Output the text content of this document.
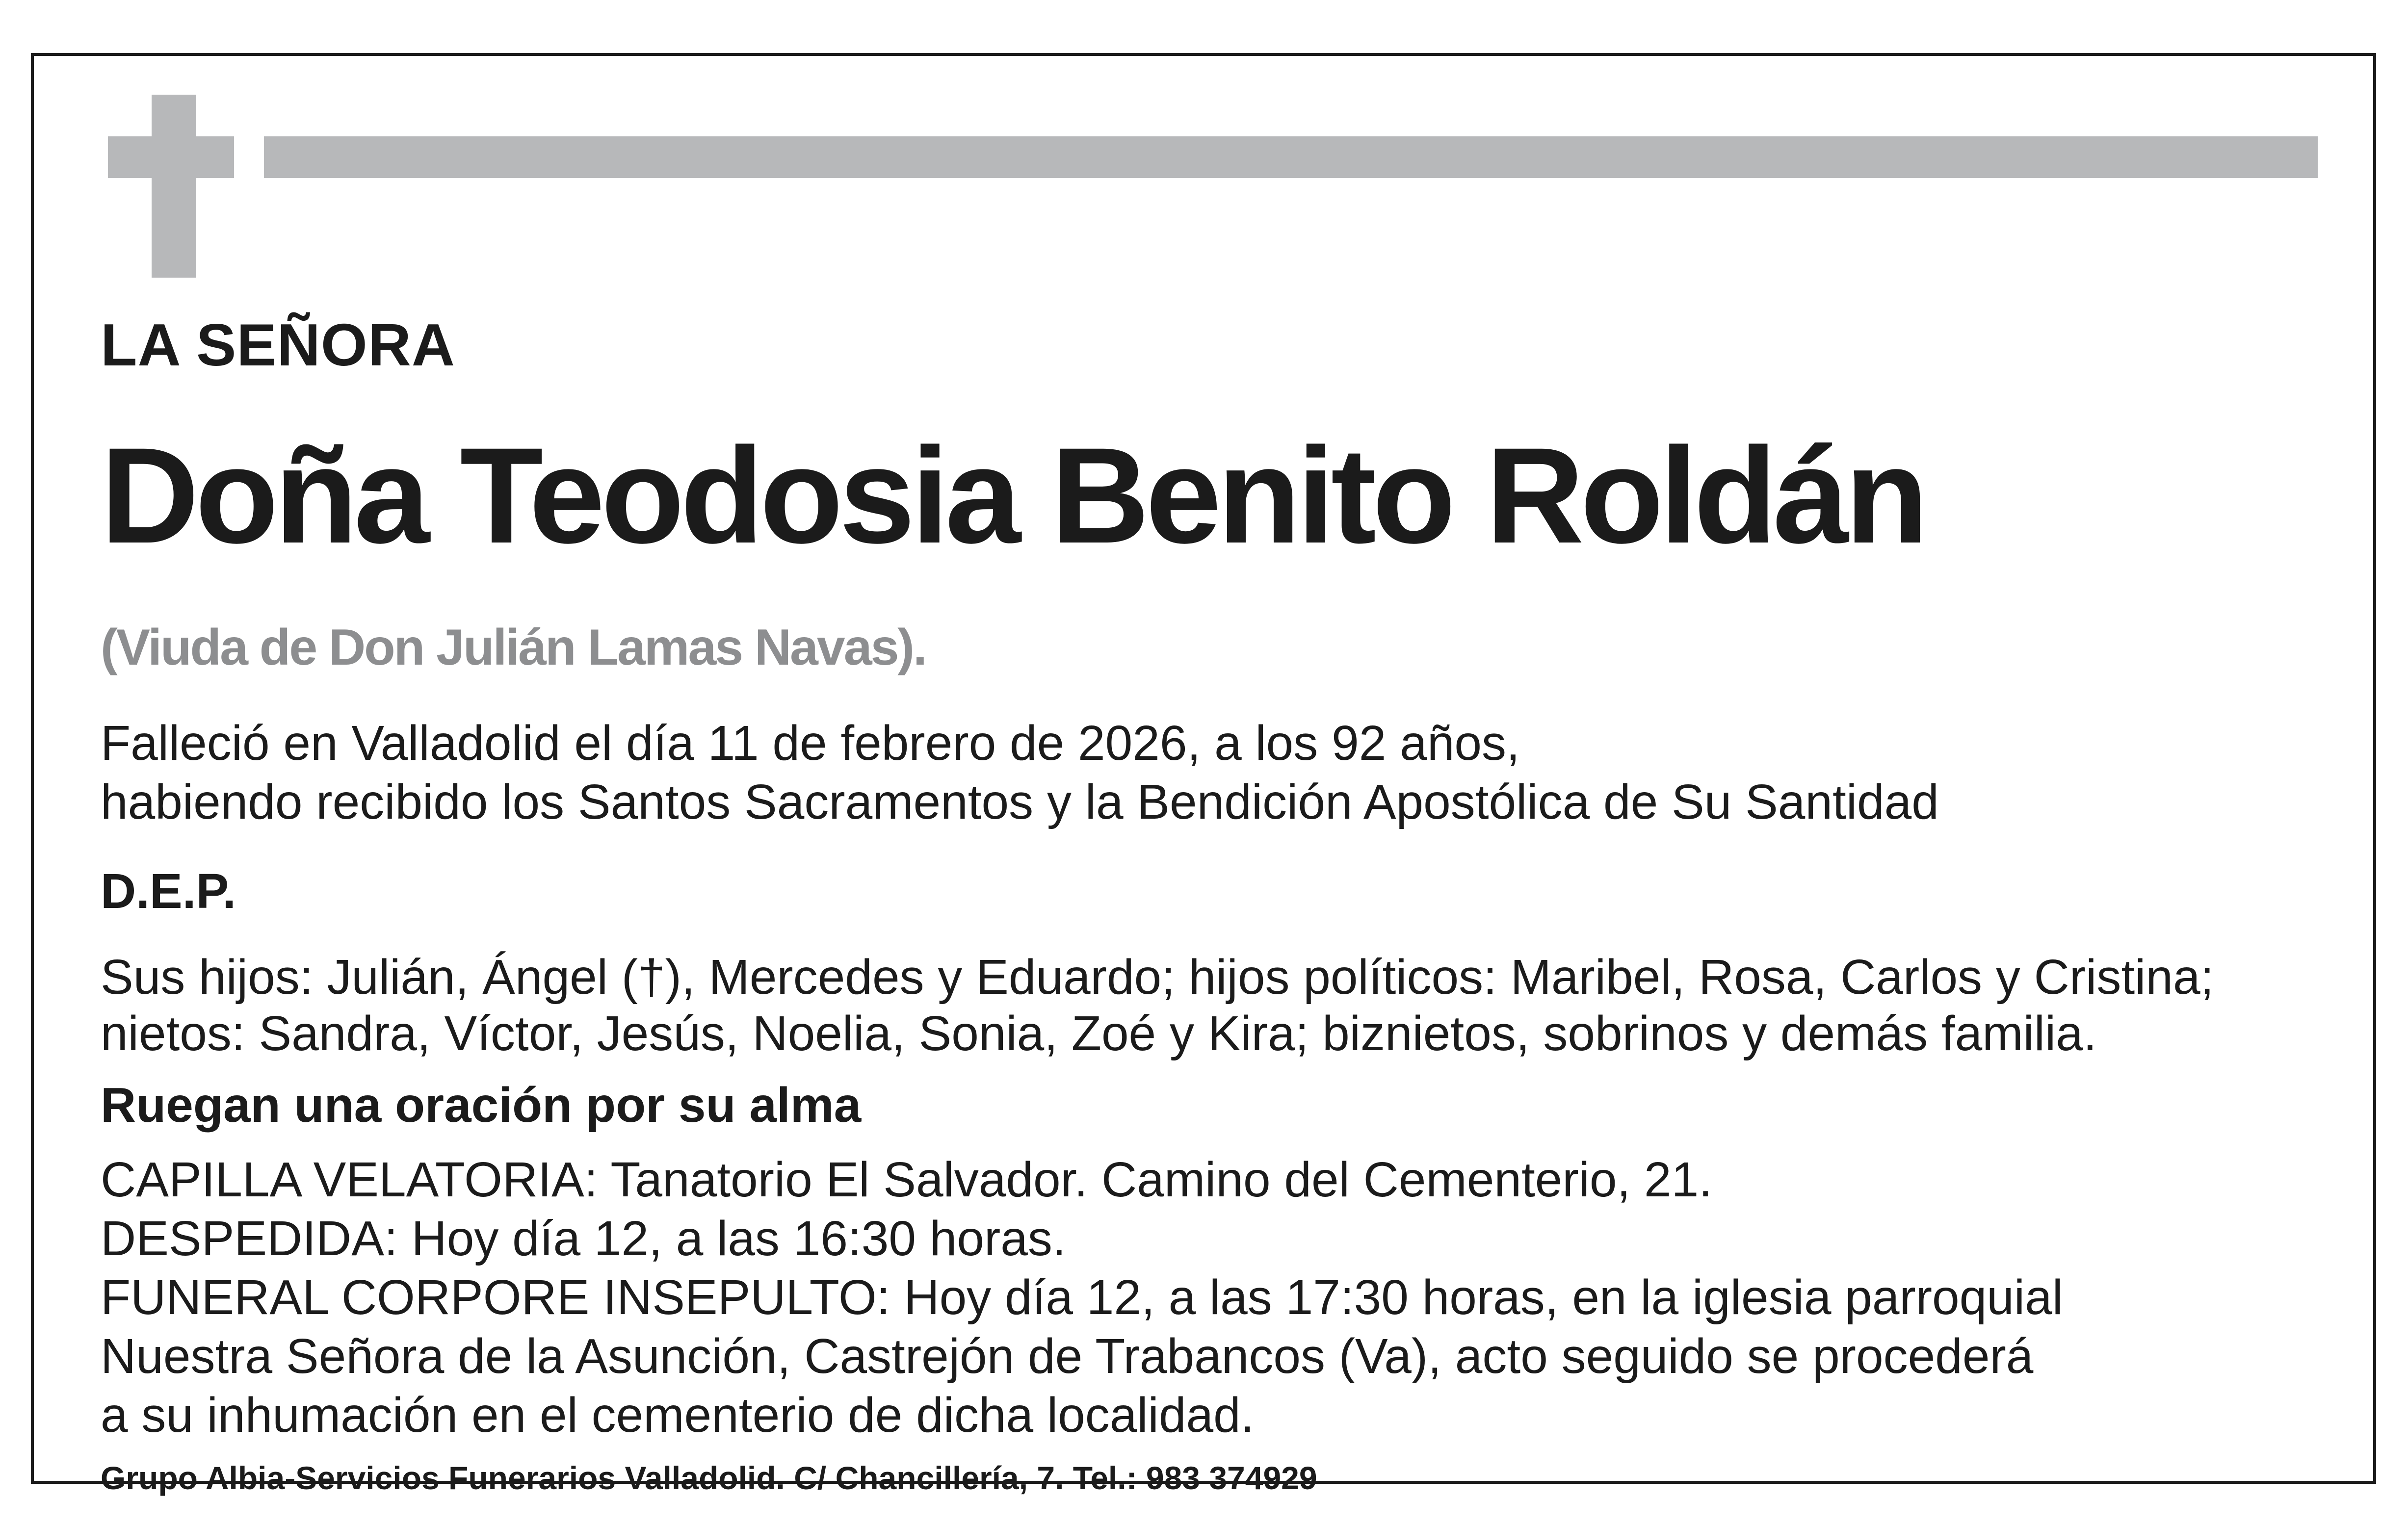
LA SEÑORA
Doña Teodosia Benito Roldán
(Viuda de Don Julián Lamas Navas).
Falleció en Valladolid el día 11 de febrero de 2026, a los 92 años,
habiendo recibido los Santos Sacramentos y la Bendición Apostólica de Su Santidad
D.E.P.
Sus hijos: Julián, Ángel (†), Mercedes y Eduardo; hijos políticos: Maribel, Rosa, Carlos y Cristina;
nietos: Sandra, Víctor, Jesús, Noelia, Sonia, Zoé y Kira; biznietos, sobrinos y demás familia.
Ruegan una oración por su alma
CAPILLA VELATORIA: Tanatorio El Salvador. Camino del Cementerio, 21.
DESPEDIDA: Hoy día 12, a las 16:30 horas.
FUNERAL CORPORE INSEPULTO: Hoy día 12, a las 17:30 horas, en la iglesia parroquial
Nuestra Señora de la Asunción, Castrejón de Trabancos (Va), acto seguido se procederá
a su inhumación en el cementerio de dicha localidad.
Grupo Albia-Servicios Funerarios Valladolid. C/ Chancillería, 7. Tel.: 983 374929
